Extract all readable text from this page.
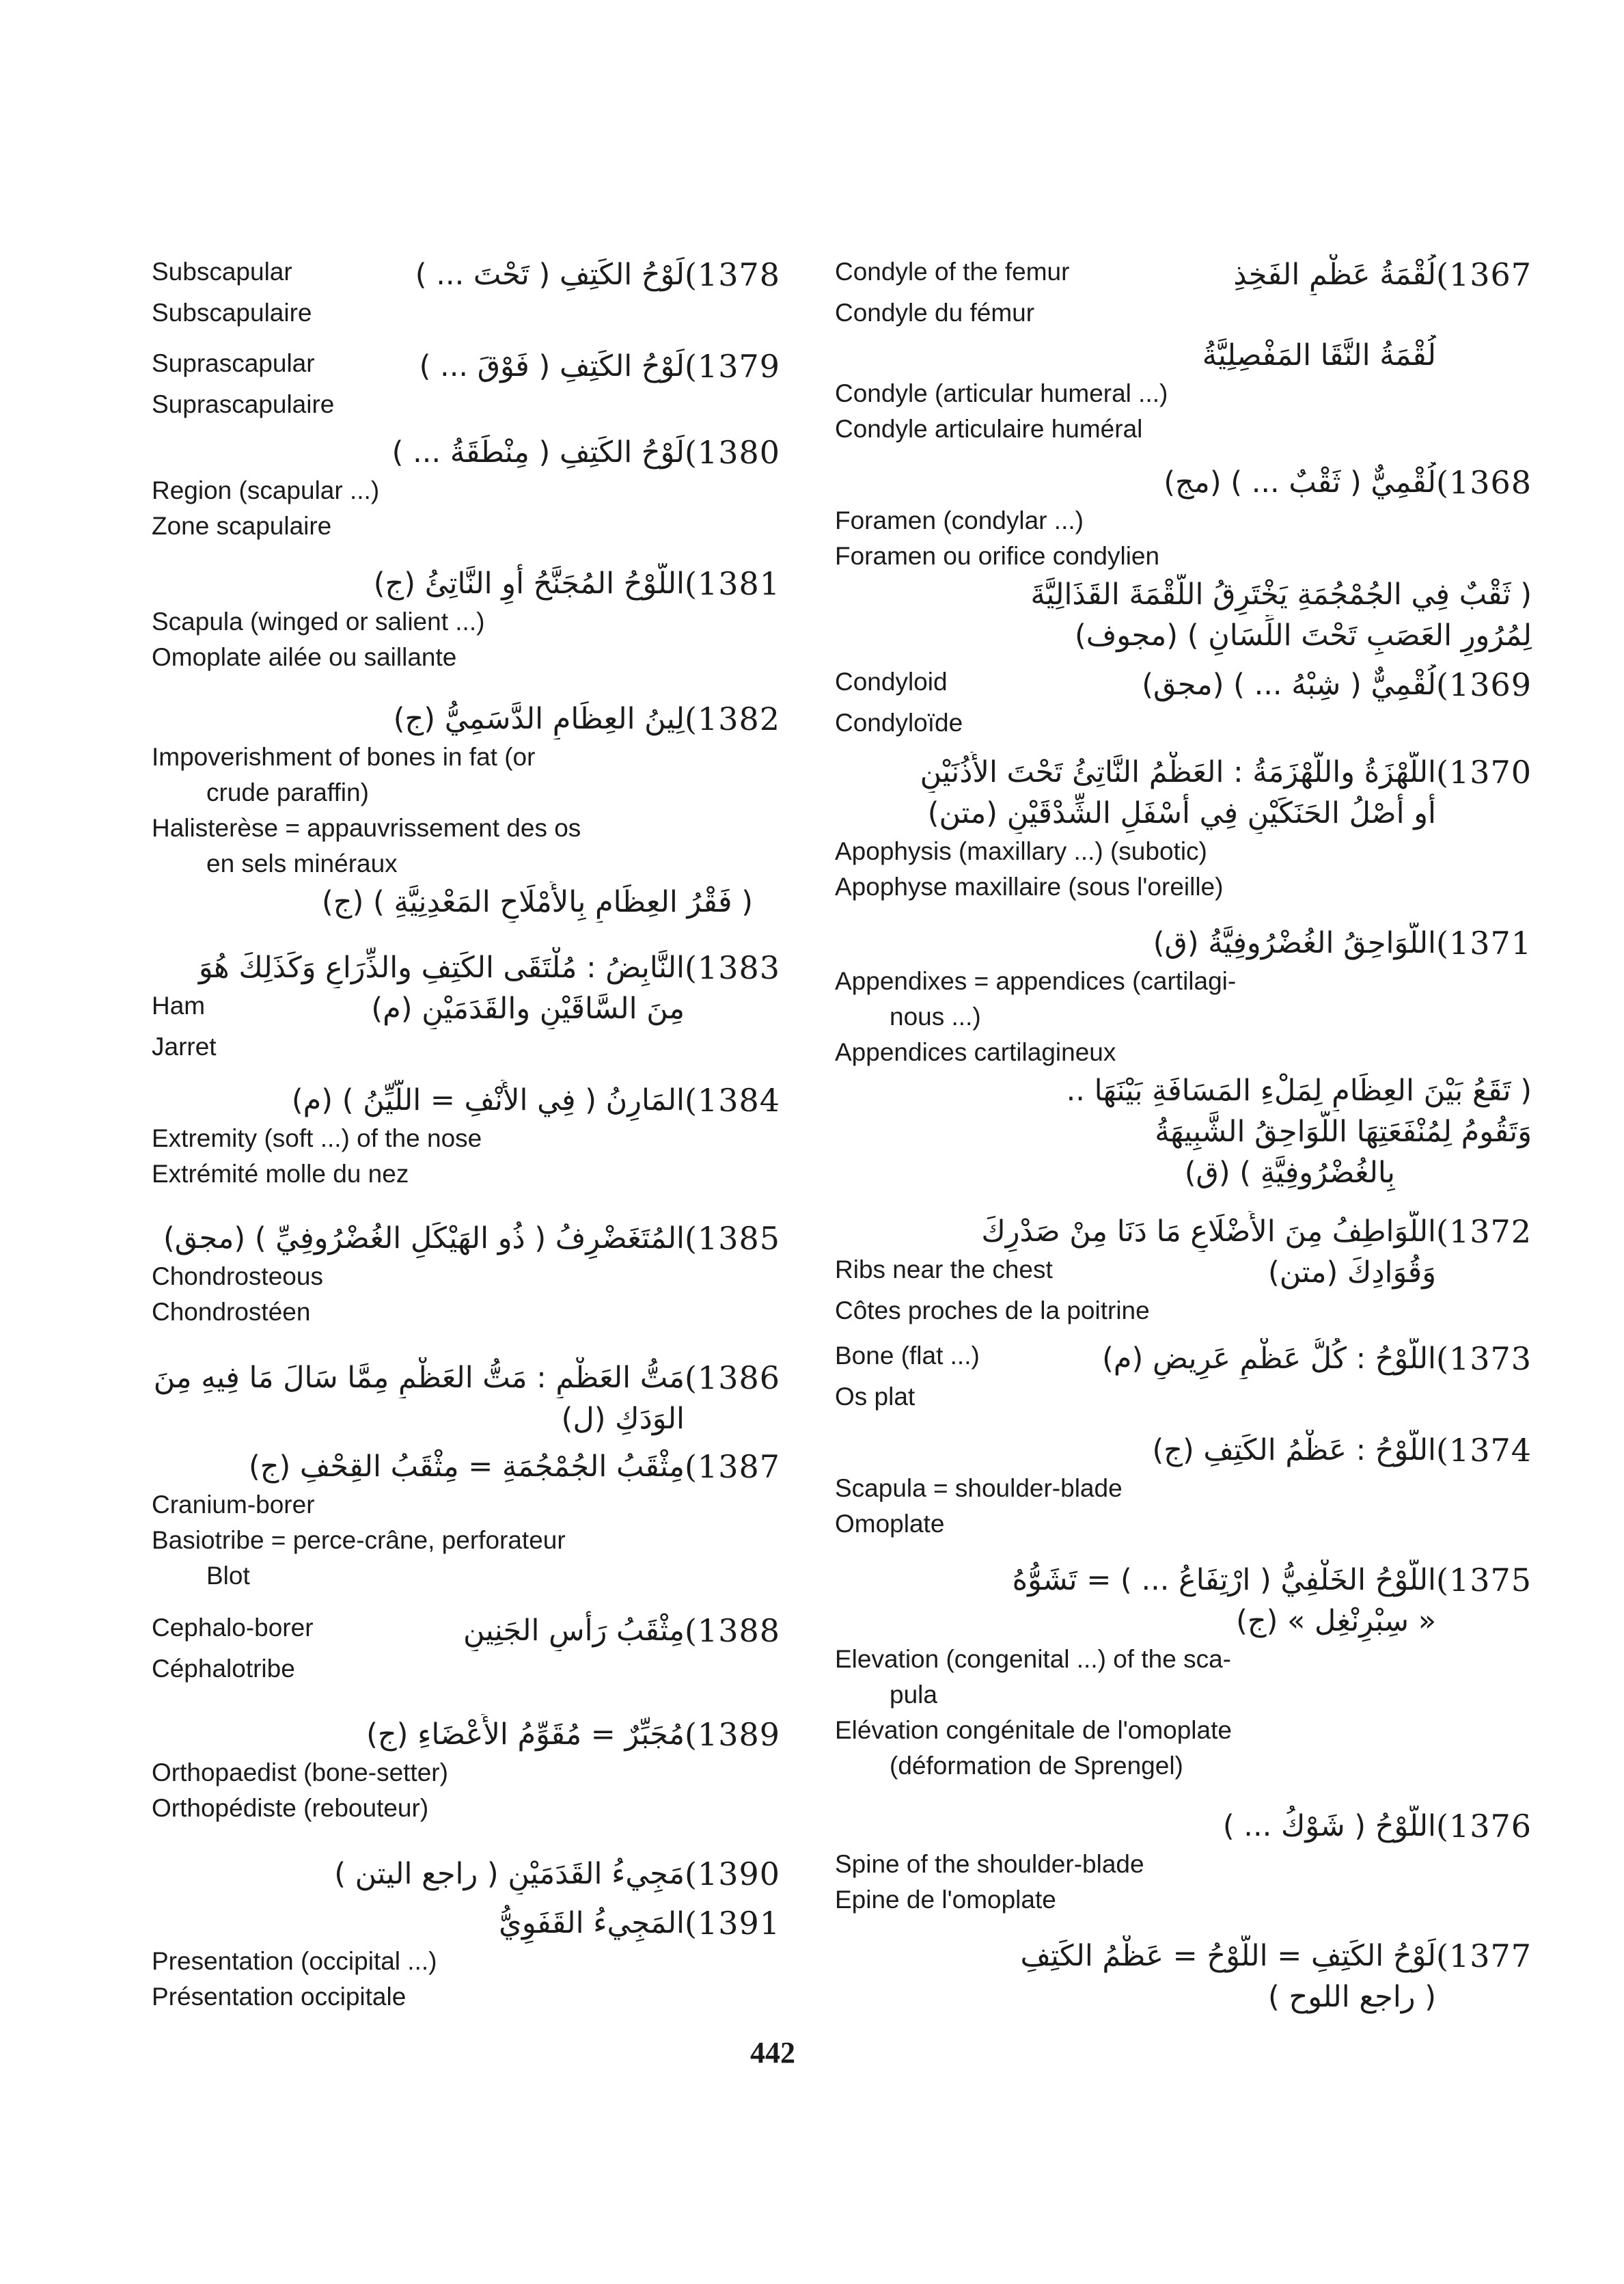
(1367
Condyle of the femur	لُقْمَةُ عَظْمِ الفَخِذِ
Condyle du fémur
لُقْمَةُ النَّقَا المَفْصِلِيَّةُ
Condyle (articular humeral ...)
Condyle articulaire huméral
(1368
لُقْمِيٌّ ( ثَقْبٌ ... ) (مج)
Foramen (condylar ...)
Foramen ou orifice condylien
( ثَقْبٌ فِي الجُمْجُمَةِ يَخْتَرِقُ اللُّقْمَةَ القَذَالِيَّةَ
لِمُرُورِ العَصَبِ تَحْتَ اللِّسَانِ ) (مجوف)
(1369
Condyloid	لُقْمِيٌّ ( شِبْهُ ... ) (مجق)
Condyloïde
(1370
اللَّهْزَةُ واللَّهْزَمَةُ : العَظْمُ النَّاتِئُ تَحْتَ الأُذُنَيْنِ
أَو أَصْلُ الحَنَكَيْنِ فِي أَسْفَلِ الشِّدْقَيْنِ (متن)
Apophysis (maxillary ...) (subotic)
Apophyse maxillaire (sous l'oreille)
(1371
اللَّوَاحِقُ الغُضْرُوفِيَّةُ (ق)
Appendixes = appendices (cartilagi-
nous ...)
Appendices cartilagineux
( تَقَعُ بَيْنَ العِظَامِ لِمَلْءِ المَسَافَةِ بَيْنَهَا ..
وَتَقُومُ لِمُنْفَعَتِهَا اللَّوَاحِقُ الشَّبِيهَةُ
بِالغُضْرُوفِيَّةِ ) (ق)
(1372
اللَّوَاطِفُ مِنَ الأَضْلَاعِ مَا دَنَا مِنْ صَدْرِكَ
Ribs near the chest	وَقُوَادِكَ (متن)
Côtes proches de la poitrine
(1373
Bone (flat ...)	اللَّوْحُ : كُلُّ عَظْمٍ عَرِيضٍ (م)
Os plat
(1374
اللَّوْحُ : عَظْمُ الكَتِفِ (ج)
Scapula = shoulder-blade
Omoplate
(1375
اللَّوْحُ الخَلْفِيُّ ( ارْتِفَاعُ ... ) = تَشَوُّهُ
« سِبْرِنْغِل » (ج)
Elevation (congenital ...) of the sca-
pula
Elévation congénitale de l'omoplate
(déformation de Sprengel)
(1376
اللَّوْحُ ( شَوْكُ ... )
Spine of the shoulder-blade
Epine de l'omoplate
(1377
لَوْحُ الكَتِفِ = اللَّوْحُ = عَظْمُ الكَتِفِ
( راجع اللوح )
(1378
Subscapular	لَوْحُ الكَتِفِ ( تَحْتَ ... )
Subscapulaire
(1379
Suprascapular	لَوْحُ الكَتِفِ ( فَوْقَ ... )
Suprascapulaire
(1380
لَوْحُ الكَتِفِ ( مِنْطَقَةُ ... )
Region (scapular ...)
Zone scapulaire
(1381
اللَّوْحُ المُجَنَّحُ أَوِ النَّاتِئُ (ج)
Scapula (winged or salient ...)
Omoplate ailée ou saillante
(1382
لِينُ العِظَامِ الدَّسَمِيُّ (ج)
Impoverishment of bones in fat (or
crude paraffin)
Halisterèse = appauvrissement des os
en sels minéraux
( فَقْرُ العِظَامِ بِالأَمْلَاحِ المَعْدِنِيَّةِ ) (ج)
(1383
النَّابِضُ : مُلْتَقَى الكَتِفِ والذِّرَاعِ وَكَذَلِكَ هُوَ
Ham	مِنَ السَّاقَيْنِ والقَدَمَيْنِ (م)
Jarret
(1384
المَارِنُ ( فِي الأَنْفِ = اللَّيِّنُ ) (م)
Extremity (soft ...) of the nose
Extrémité molle du nez
(1385
المُتَغَضْرِفُ ( ذُو الهَيْكَلِ الغُضْرُوفِيِّ ) (مجق)
Chondrosteous
Chondrostéen
(1386
مَتُّ العَظْمِ : مَتُّ العَظْمِ مِمَّا سَالَ مَا فِيهِ مِنَ
الوَدَكِ (ل)
(1387
مِثْقَبُ الجُمْجُمَةِ = مِثْقَبُ القِحْفِ (ج)
Cranium-borer
Basiotribe = perce-crâne, perforateur
Blot
(1388
Cephalo-borer	مِثْقَبُ رَأْسِ الجَنِينِ
Céphalotribe
(1389
مُجَبِّرٌ = مُقَوِّمُ الأَعْضَاءِ (ج)
Orthopaedist (bone-setter)
Orthopédiste (rebouteur)
(1390
مَجِيءُ القَدَمَيْنِ ( راجع اليتن )
(1391
المَجِيءُ القَفَوِيُّ
Presentation (occipital ...)
Présentation occipitale
442
